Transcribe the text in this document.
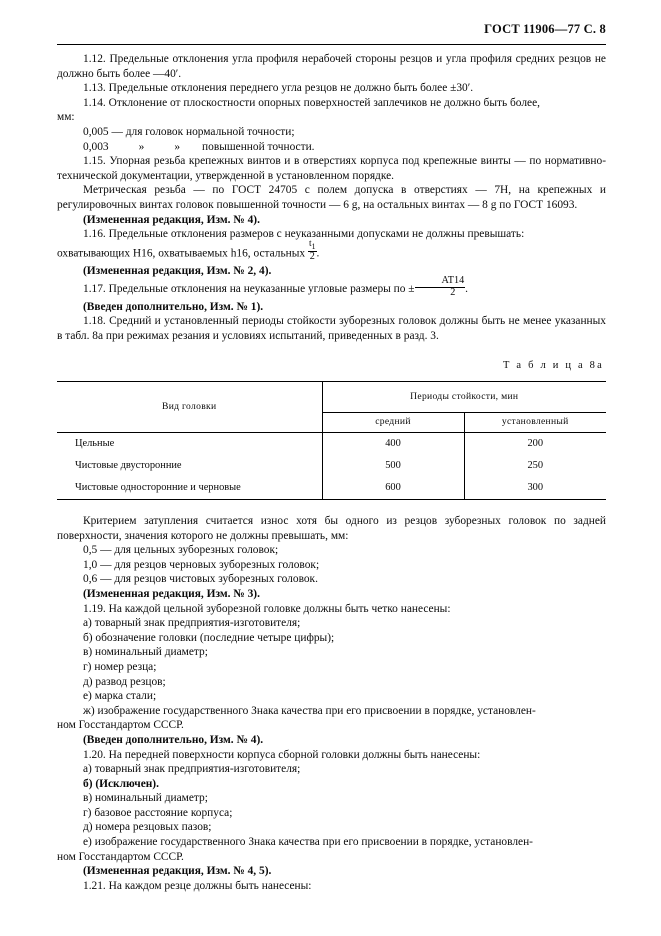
ГОСТ 11906—77 С. 8

1.12. Предельные отклонения угла профиля нерабочей стороны резцов и угла профиля средних резцов не должно быть более —40′.

1.13. Предельные отклонения переднего угла резцов не должно быть более ±30′.

1.14. Отклонение от плоскостности опорных поверхностей заплечиков не должно быть более,

мм:

0,005 — для головок нормальной точности;

0,003	»	» повышенной точности.

1.15. Упорная резьба крепежных винтов и в отверстиях корпуса под крепежные винты — по нормативно-технической документации, утвержденной в установленном порядке.

Метрическая резьба — по ГОСТ 24705 с полем допуска в отверстиях — 7Н, на крепежных и регулировочных винтах головок повышенной точности — 6 g, на остальных винтах — 8 g по ГОСТ 16093.

(Измененная редакция, Изм. № 4).

1.16. Предельные отклонения размеров с неуказанными допусками не должны превышать:

охватывающих Н16, охватываемых h16, остальных $\frac{t_1}{2}$ .

(Измененная редакция, Изм. № 2, 4).

1.17. Предельные отклонения на неуказанные угловые размеры по ± $\frac{AT14}{2}$ .

(Введен дополнительно, Изм. № 1).

1.18. Средний и установленный периоды стойкости зуборезных головок должны быть не менее указанных в табл. 8а при режимах резания и условиях испытаний, приведенных в разд. 3.

Т а б л и ц а 8а
Вид головки	Периоды стойкости, мин	
	средний	установленный
Цельные	400	200
Чистовые двусторонние	500	250
Чистовые односторонние и черновые	600	300

Критерием затупления считается износ хотя бы одного из резцов зуборезных головок по задней поверхности, значения которого не должны превышать, мм:

0,5 — для цельных зуборезных головок;

1,0 — для резцов черновых зуборезных головок;

0,6 — для резцов чистовых зуборезных головок.

(Измененная редакция, Изм. № 3).

1.19. На каждой цельной зуборезной головке должны быть четко нанесены:

а) товарный знак предприятия-изготовителя;

б) обозначение головки (последние четыре цифры);

в) номинальный диаметр;

г) номер резца;

д) развод резцов;

е) марка стали;

ж) изображение государственного Знака качества при его присвоении в порядке, установлен-

ном Госстандартом СССР.

(Введен дополнительно, Изм. № 4).

1.20. На передней поверхности корпуса сборной головки должны быть нанесены:

а) товарный знак предприятия-изготовителя;

б) (Исключен).

в) номинальный диаметр;

г) базовое расстояние корпуса;

д) номера резцовых пазов;

е) изображение государственного Знака качества при его присвоении в порядке, установлен-

ном Госстандартом СССР.

(Измененная редакция, Изм. № 4, 5).

1.21. На каждом резце должны быть нанесены:
